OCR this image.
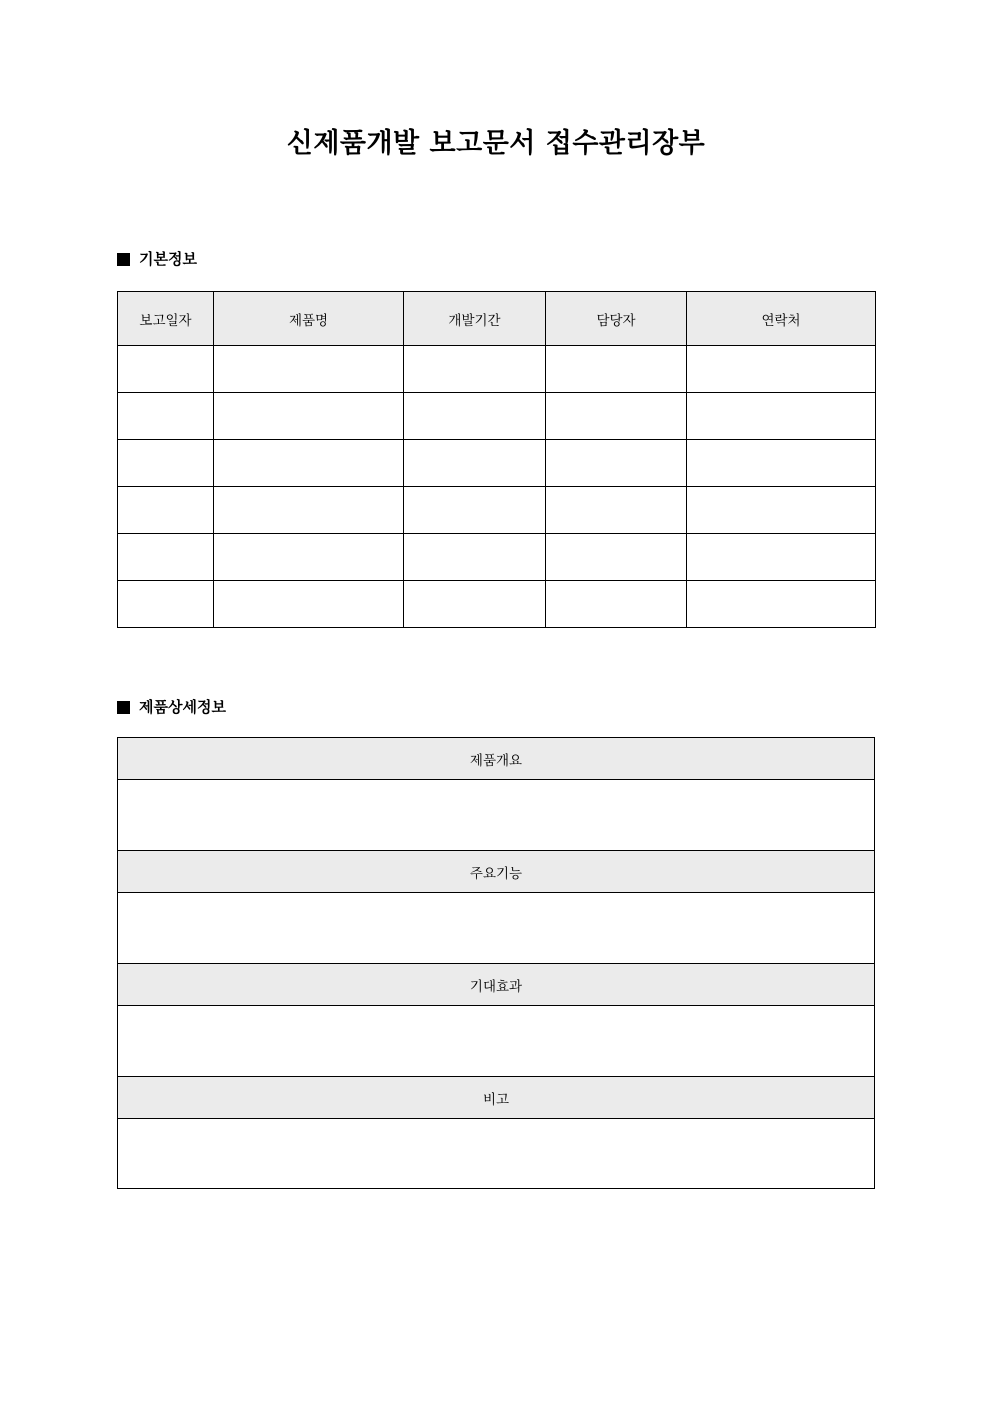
신제품개발 보고문서 접수관리장부
기본정보
보고일자	제품명	개발기간	담당자	연락처

제품상세정보
제품개요

주요기능

기대효과

비고
